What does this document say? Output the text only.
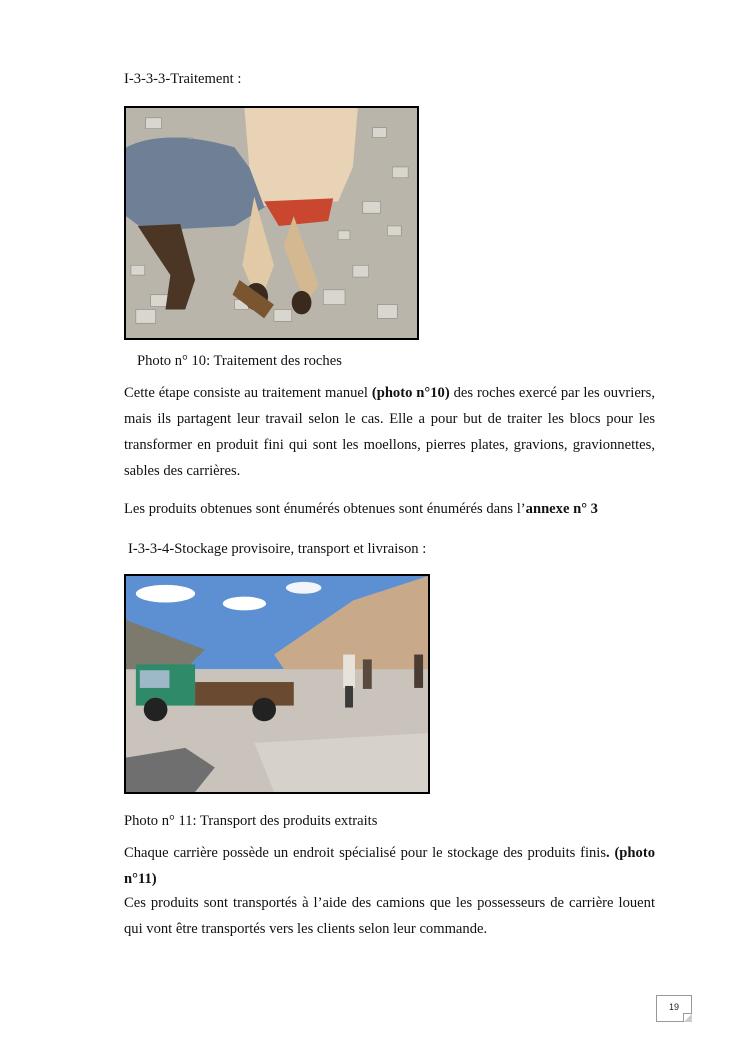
I-3-3-3-Traitement :
Photo n° 10: Traitement des roches
Cette étape consiste au traitement manuel (photo n°10) des roches exercé par les ouvriers, mais ils partagent leur travail selon le cas. Elle a pour but de traiter les blocs pour les transformer en produit fini qui sont les moellons, pierres plates, gravions, gravionnettes, sables des carrières.
Les produits obtenues sont énumérés obtenues sont énumérés dans l’annexe n° 3
I-3-3-4-Stockage provisoire, transport et livraison :
Photo n° 11: Transport des produits extraits
Chaque carrière possède un endroit spécialisé pour le stockage des produits finis. (photo n°11)
Ces produits sont transportés à l’aide des camions que les possesseurs de carrière louent qui vont être transportés vers les clients selon leur commande.
19
